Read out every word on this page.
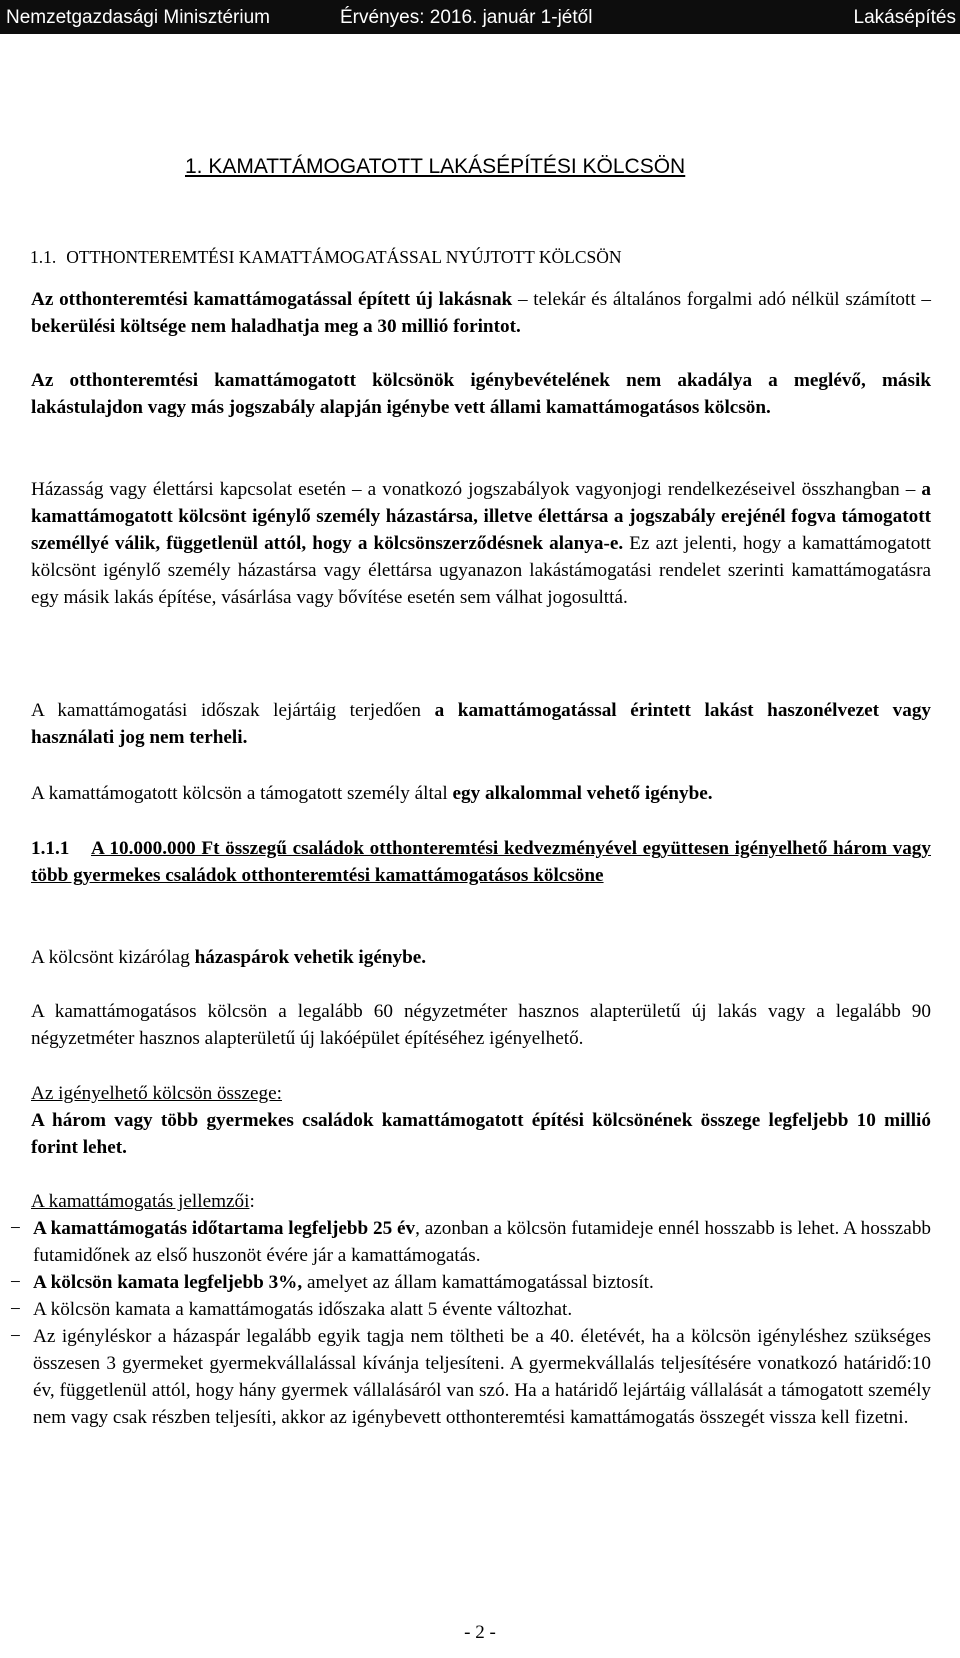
Nemzetgazdasági Minisztérium	Érvényes: 2016. január 1-jétől	Lakásépítés
1. KAMATTÁMOGATOTT LAKÁSÉPÍTÉSI KÖLCSÖN
1.1. OTTHONTEREMTÉSI KAMATTÁMOGATÁSSAL NYÚJTOTT KÖLCSÖN
Az otthonteremtési kamattámogatással épített új lakásnak – telekár és általános forgalmi adó nélkül számított – bekerülési költsége nem haladhatja meg a 30 millió forintot.
Az otthonteremtési kamattámogatott kölcsönök igénybevételének nem akadálya a meglévő, másik lakástulajdon vagy más jogszabály alapján igénybe vett állami kamattámogatásos kölcsön.
Házasság vagy élettársi kapcsolat esetén – a vonatkozó jogszabályok vagyonjogi rendelkezéseivel összhangban – a kamattámogatott kölcsönt igénylő személy házastársa, illetve élettársa a jogszabály erejénél fogva támogatott személlyé válik, függetlenül attól, hogy a kölcsönszerződésnek alanya-e. Ez azt jelenti, hogy a kamattámogatott kölcsönt igénylő személy házastársa vagy élettársa ugyanazon lakástámogatási rendelet szerinti kamattámogatásra egy másik lakás építése, vásárlása vagy bővítése esetén sem válhat jogosulttá.
A kamattámogatási időszak lejártáig terjedően a kamattámogatással érintett lakást haszonélvezet vagy használati jog nem terheli.
A kamattámogatott kölcsön a támogatott személy által egy alkalommal vehető igénybe.
1.1.1 A 10.000.000 Ft összegű családok otthonteremtési kedvezményével együttesen igényelhető három vagy több gyermekes családok otthonteremtési kamattámogatásos kölcsöne
A kölcsönt kizárólag házaspárok vehetik igénybe.
A kamattámogatásos kölcsön a legalább 60 négyzetméter hasznos alapterületű új lakás vagy a legalább 90 négyzetméter hasznos alapterületű új lakóépület építéséhez igényelhető.
Az igényelhető kölcsön összege:
A három vagy több gyermekes családok kamattámogatott építési kölcsönének összege legfeljebb 10 millió forint lehet.
A kamattámogatás jellemzői:
− A kamattámogatás időtartama legfeljebb 25 év, azonban a kölcsön futamideje ennél hosszabb is lehet. A hosszabb futamidőnek az első huszonöt évére jár a kamattámogatás.
− A kölcsön kamata legfeljebb 3%, amelyet az állam kamattámogatással biztosít.
− A kölcsön kamata a kamattámogatás időszaka alatt 5 évente változhat.
− Az igényléskor a házaspár legalább egyik tagja nem töltheti be a 40. életévét, ha a kölcsön igényléshez szükséges összesen 3 gyermeket gyermekvállalással kívánja teljesíteni. A gyermekvállalás teljesítésére vonatkozó határidő:10 év, függetlenül attól, hogy hány gyermek vállalásáról van szó. Ha a határidő lejártáig vállalását a támogatott személy nem vagy csak részben teljesíti, akkor az igénybevett otthonteremtési kamattámogatás összegét vissza kell fizetni.
- 2 -
